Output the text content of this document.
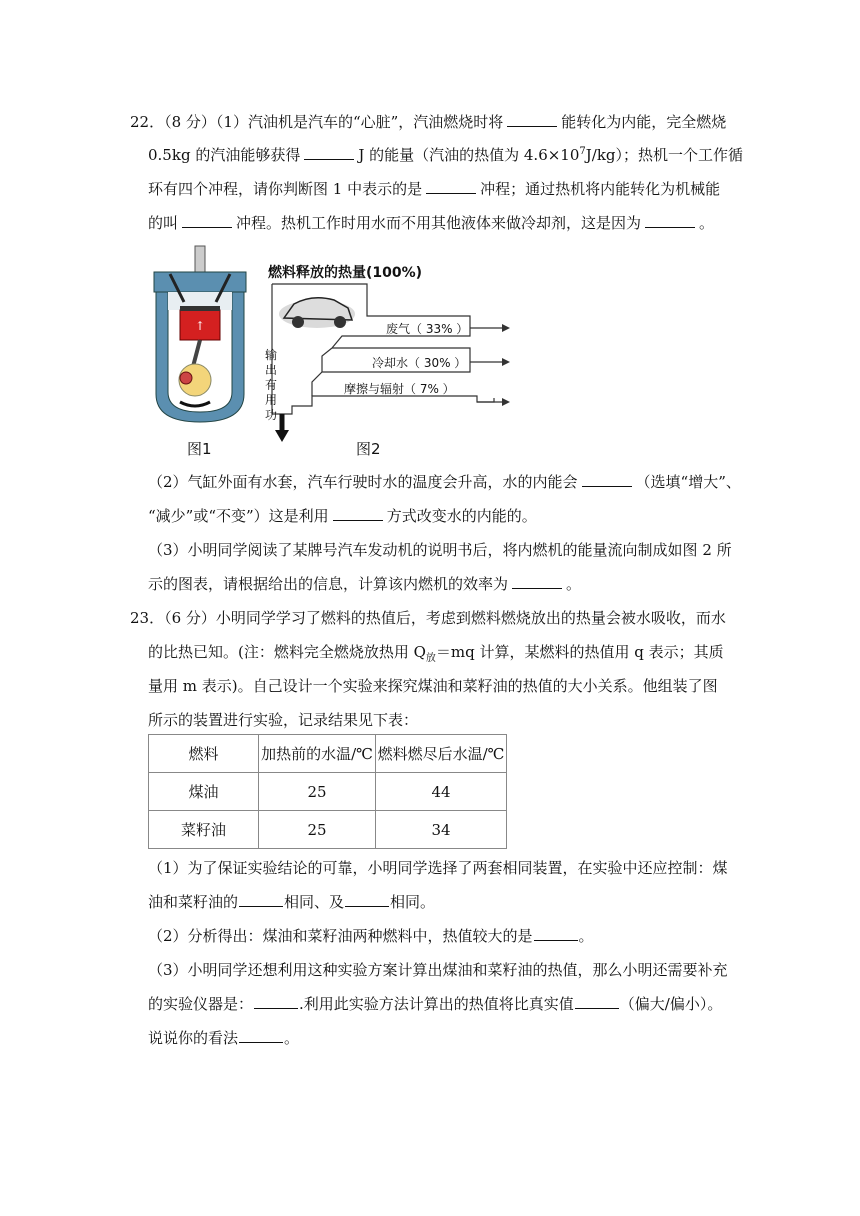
22．（8 分）（1）汽油机是汽车的“心脏”，汽油燃烧时将	能转化为内能，完全燃烧
0.5kg 的汽油能够获得	J 的能量（汽油的热值为 $4.6\times 10^7J/kg$）；热机一个工作循
环有四个冲程，请你判断图 1 中表示的是	冲程；通过热机将内能转化为机械能
的叫	冲程。热机工作时用水而不用其他液体来做冷却剂，这是因为	。
↑
图1
燃料释放的热量(100%)
废气（ 33% ）
冷却水（ 30% ）
摩擦与辐射（ 7% ）
输
出
有
用
功
图2
（2）气缸外面有水套，汽车行驶时水的温度会升高，水的内能会	（选填“增大”、
“减少”或“不变”）这是利用	方式改变水的内能的。
（3）小明同学阅读了某牌号汽车发动机的说明书后，将内燃机的能量流向制成如图 2 所
示的图表，请根据给出的信息，计算该内燃机的效率为	。
23．（6 分）小明同学学习了燃料的热值后，考虑到燃料燃烧放出的热量会被水吸收，而水
的比热已知。(注：燃料完全燃烧放热用 $Q_放=mq$ 计算，某燃料的热值用 q 表示；其质
量用 m 表示)。自己设计一个实验来探究煤油和菜籽油的热值的大小关系。他组装了图
所示的装置进行实验，记录结果见下表：
燃料	加热前的水温/℃	燃料燃尽后水温/℃
煤油	25	44
菜籽油	25	34
（1）为了保证实验结论的可靠，小明同学选择了两套相同装置，在实验中还应控制：煤
油和菜籽油的	相同、及	相同。
（2）分析得出：煤油和菜籽油两种燃料中，热值较大的是	。
（3）小明同学还想利用这种实验方案计算出煤油和菜籽油的热值，那么小明还需要补充
的实验仪器是：	.利用此实验方法计算出的热值将比真实值	（偏大/偏小）。
说说你的看法	。
